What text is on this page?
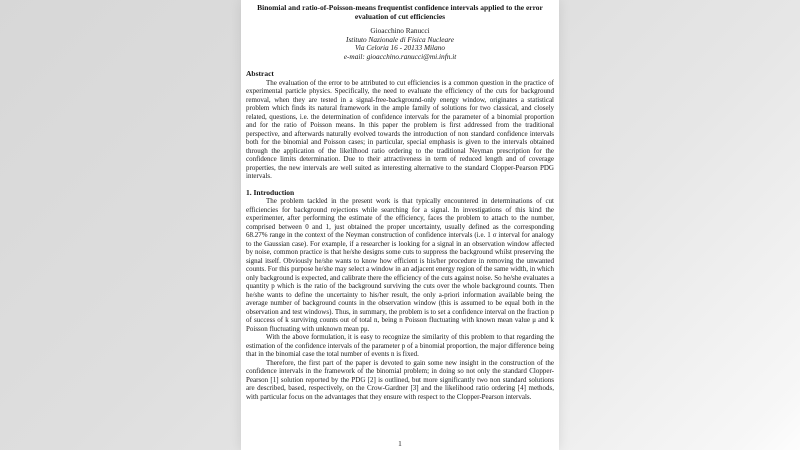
Binomial and ratio-of-Poisson-means frequentist confidence intervals applied to the error evaluation of cut efficiencies
Gioacchino Ranucci
Istituto Nazionale di Fisica Nucleare
Via Celoria 16 - 20133 Milano
e-mail: gioacchino.ranucci@mi.infn.it
Abstract

The evaluation of the error to be attributed to cut efficiencies is a common question in the practice of experimental particle physics. Specifically, the need to evaluate the efficiency of the cuts for background removal, when they are tested in a signal-free-background-only energy window, originates a statistical problem which finds its natural framework in the ample family of solutions for two classical, and closely related, questions, i.e. the determination of confidence intervals for the parameter of a binomial proportion and for the ratio of Poisson means. In this paper the problem is first addressed from the traditional perspective, and afterwards naturally evolved towards the introduction of non standard confidence intervals both for the binomial and Poisson cases; in particular, special emphasis is given to the intervals obtained through the application of the likelihood ratio ordering to the traditional Neyman prescription for the confidence limits determination. Due to their attractiveness in term of reduced length and of coverage properties, the new intervals are well suited as interesting alternative to the standard Clopper-Pearson PDG intervals.

1. Introduction

The problem tackled in the present work is that typically encountered in determinations of cut efficiencies for background rejections while searching for a signal. In investigations of this kind the experimenter, after performing the estimate of the efficiency, faces the problem to attach to the number, comprised between 0 and 1, just obtained the proper uncertainty, usually defined as the corresponding 68.27% range in the context of the Neyman construction of confidence intervals (i.e. 1 σ interval for analogy to the Gaussian case). For example, if a researcher is looking for a signal in an observation window affected by noise, common practice is that he/she designs some cuts to suppress the background whilst preserving the signal itself. Obviously he/she wants to know how efficient is his/her procedure in removing the unwanted counts. For this purpose he/she may select a window in an adjacent energy region of the same width, in which only background is expected, and calibrate there the efficiency of the cuts against noise. So he/she evaluates a quantity p which is the ratio of the background surviving the cuts over the whole background counts. Then he/she wants to define the uncertainty to his/her result, the only a-priori information available being the average number of background counts in the observation window (this is assumed to be equal both in the observation and test windows). Thus, in summary, the problem is to set a confidence interval on the fraction p of success of k surviving counts out of total n, being n Poisson fluctuating with known mean value μ and k Poisson fluctuating with unknown mean pμ.

With the above formulation, it is easy to recognize the similarity of this problem to that regarding the estimation of the confidence intervals of the parameter p of a binomial proportion, the major difference being that in the binomial case the total number of events n is fixed.

Therefore, the first part of the paper is devoted to gain some new insight in the construction of the confidence intervals in the framework of the binomial problem; in doing so not only the standard Clopper-Pearson [1] solution reported by the PDG [2] is outlined, but more significantly two non standard solutions are described, based, respectively, on the Crow-Gardner [3] and the likelihood ratio ordering [4] methods, with particular focus on the advantages that they ensure with respect to the Clopper-Pearson intervals.

1
